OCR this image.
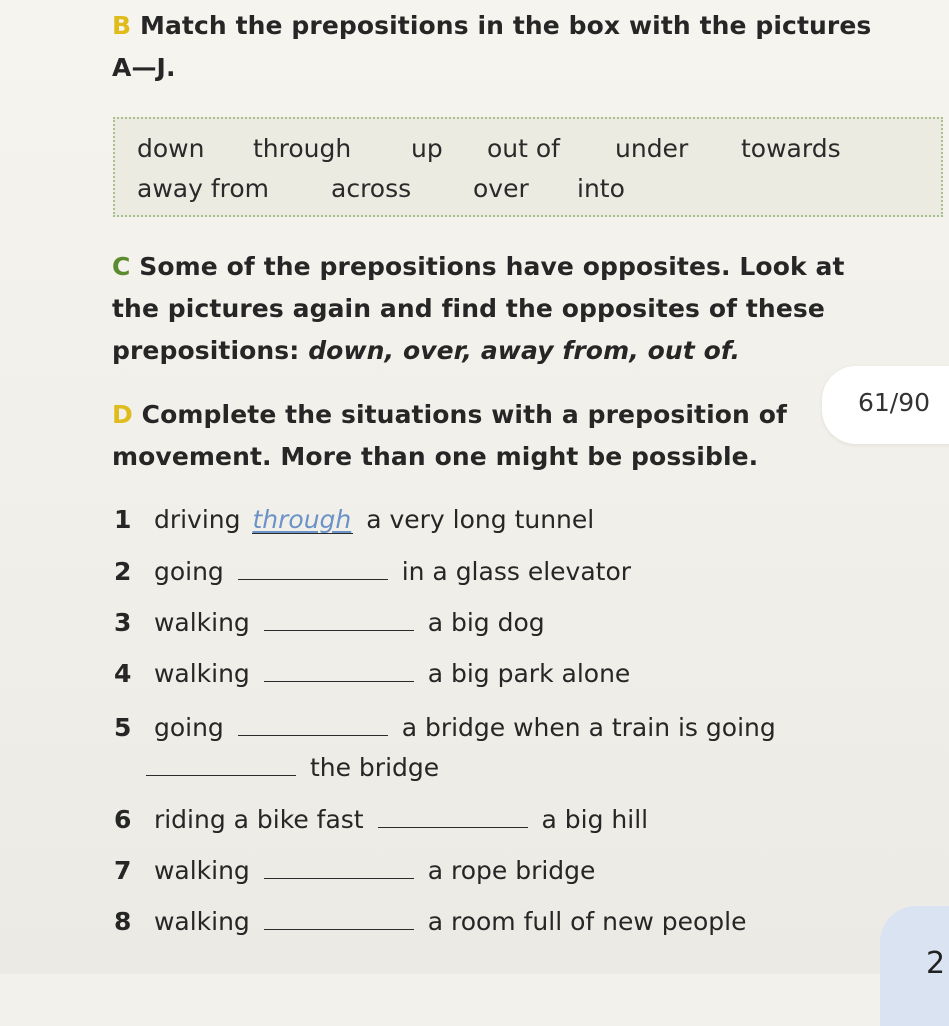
B Match the prepositions in the box with the pictures
A—J.
down through up out of under towards
away from across over into
C Some of the prepositions have opposites. Look at
the pictures again and find the opposites of these
prepositions: down, over, away from, out of.
D Complete the situations with a preposition of
movement. More than one might be possible.
61/90
1 driving through a very long tunnel
2 going	in a glass elevator
3 walking	a big dog
4 walking	a big park alone
5 going	a bridge when a train is going
the bridge
6 riding a bike fast	a big hill
7 walking	a rope bridge
8 walking	a room full of new people
2
